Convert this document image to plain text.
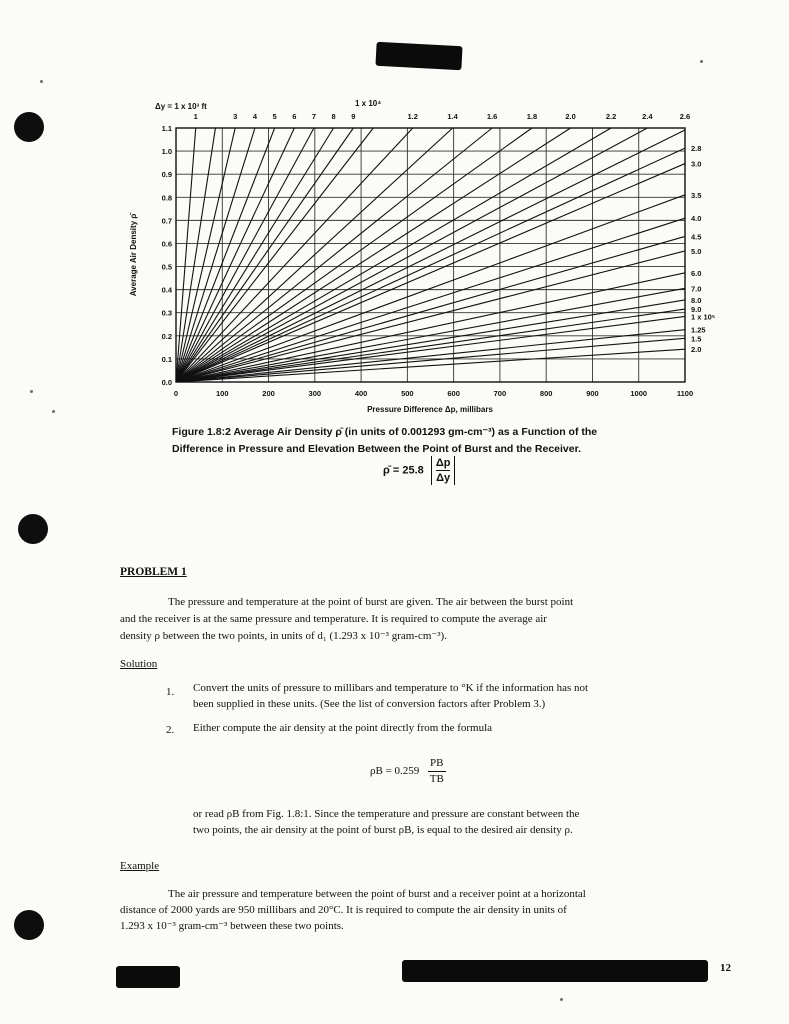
0	100	200	300	400	500	600	700	800	900	1000	1100
0.0
0.1
0.2
0.3
0.4
0.5
0.6
0.7
0.8
0.9
1.0
1.1
1	3 4 5 6 7 8 9	1.2	1.4	1.6	1.8	2.0	2.2	2.4	2.6
2.8
3.0
3.5
4.0
4.5
5.0
6.0
7.0
8.0
9.0
1 x 10⁵
1.25
1.5
2.0
Δy = 1 x 10³ ft	1 x 10⁴
Pressure Difference Δp, millibars
Average Air Density ρ̄
Figure 1.8:2 Average Air Density ρ̄ (in units of 0.001293 gm-cm⁻³) as a Function of the
Difference in Pressure and Elevation Between the Point of Burst and the Receiver.
ρ̄ = $25.8 \frac{\Delta p}{\Delta y}$
PROBLEM 1
The pressure and temperature at the point of burst are given. The air between the burst point
and the receiver is at the same pressure and temperature. It is required to compute the average air
density ρ between the two points, in units of d₁ (1.293 x 10⁻³ gram-cm⁻³).
Solution
1. Convert the units of pressure to millibars and temperature to °K if the information has not
been supplied in these units. (See the list of conversion factors after Problem 3.)
2. Either compute the air density at the point directly from the formula
$\rho B = 0.259 \frac{PB}{TB}$
or read ρB from Fig. 1.8:1. Since the temperature and pressure are constant between the
two points, the air density at the point of burst ρB, is equal to the desired air density ρ.
Example
The air pressure and temperature between the point of burst and a receiver point at a horizontal
distance of 2000 yards are 950 millibars and 20°C. It is required to compute the air density in units of
1.293 x 10⁻³ gram-cm⁻³ between these two points.
12
